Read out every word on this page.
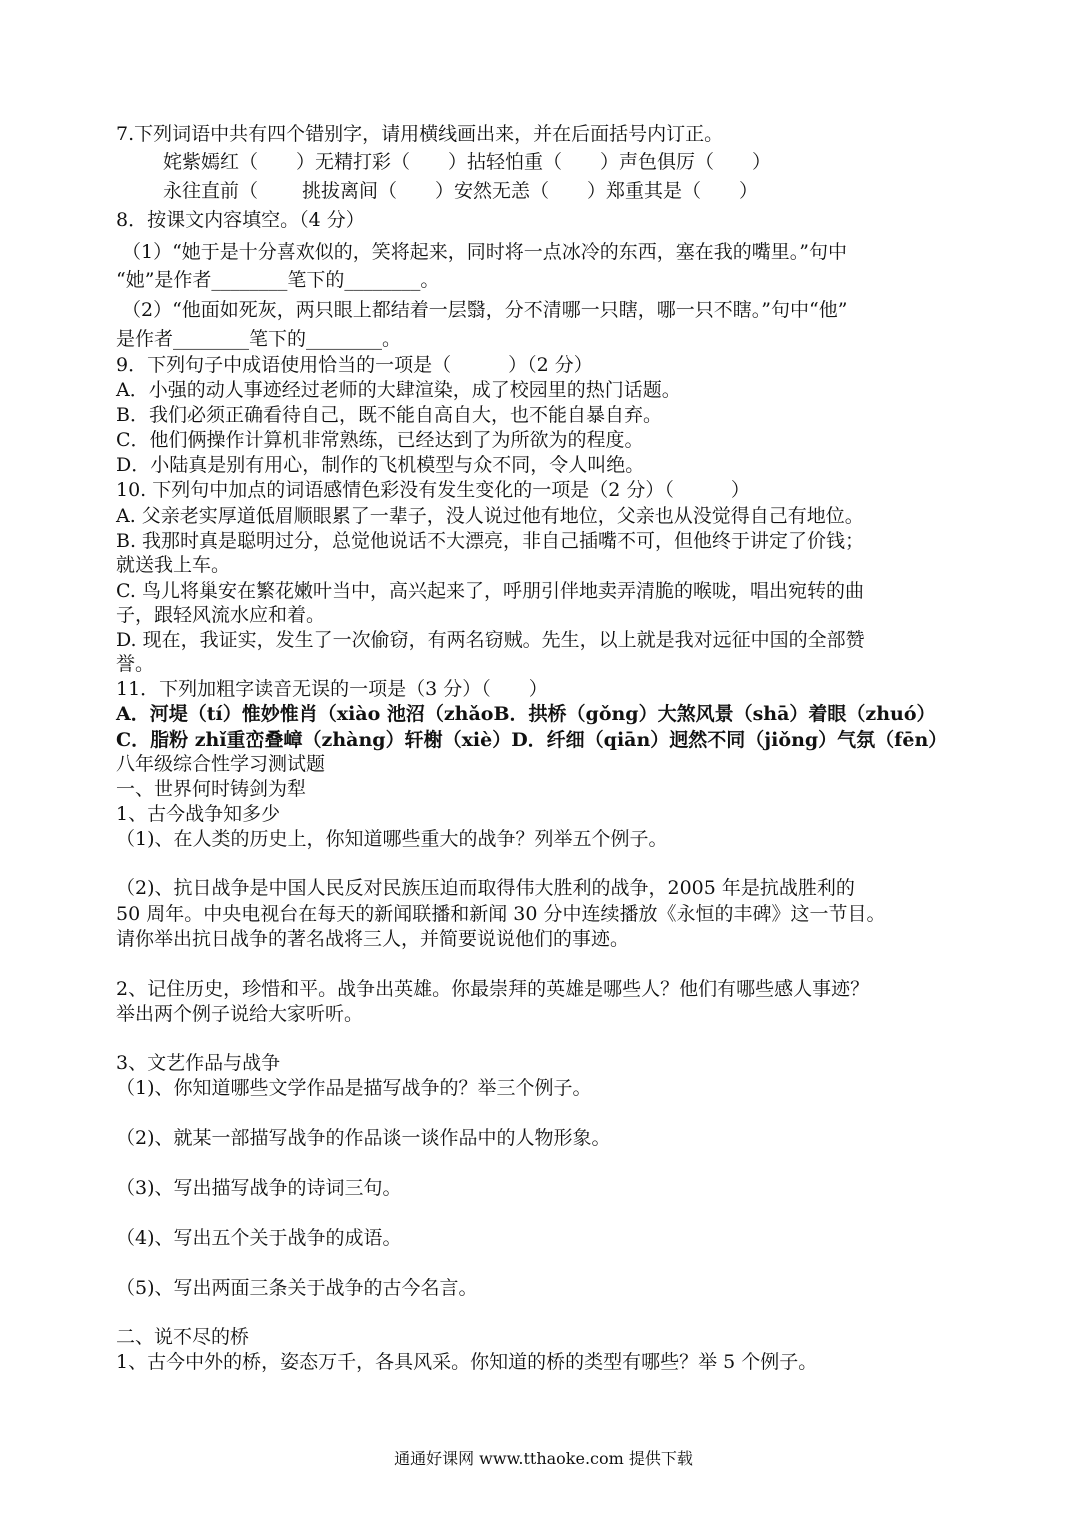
7.下列词语中共有四个错别字，请用横线画出来，并在后面括号内订正。
姹紫嫣红（　　）无精打彩（　　）拈轻怕重（　　）声色俱厉（　　）
永往直前（　　 挑拔离间（　　）安然无恙（　　）郑重其是（　　）
8．按课文内容填空。（4 分）
（1）“她于是十分喜欢似的，笑将起来，同时将一点冰冷的东西，塞在我的嘴里。”句中
“她”是作者________笔下的________。
（2）“他面如死灰，两只眼上都结着一层翳，分不清哪一只瞎，哪一只不瞎。”句中“他”
是作者________笔下的________。
9．下列句子中成语使用恰当的一项是（　　　）（2 分）
A．小强的动人事迹经过老师的大肆渲染，成了校园里的热门话题。
B．我们必须正确看待自己，既不能自高自大，也不能自暴自弃。
C．他们俩操作计算机非常熟练，已经达到了为所欲为的程度。
D．小陆真是别有用心，制作的飞机模型与众不同，令人叫绝。
10. 下列句中加点的词语感情色彩没有发生变化的一项是（2 分）（　　　）
A. 父亲老实厚道低眉顺眼累了一辈子，没人说过他有地位，父亲也从没觉得自己有地位。
B. 我那时真是聪明过分，总觉他说话不大漂亮，非自己插嘴不可，但他终于讲定了价钱；
就送我上车。
C. 鸟儿将巢安在繁花嫩叶当中，高兴起来了，呼朋引伴地卖弄清脆的喉咙，唱出宛转的曲
子，跟轻风流水应和着。
D. 现在，我证实，发生了一次偷窃，有两名窃贼。先生，以上就是我对远征中国的全部赞
誉。
11．下列加粗字读音无误的一项是（3 分）（　　）
A．河堤（tí）惟妙惟肖（xiào 池沼（zhǎoB．拱桥（gǒng）大煞风景（shā）着眼（zhuó）
C．脂粉 zhǐ重峦叠嶂（zhàng）轩榭（xiè）D．纤细（qiān）迥然不同（jiǒng）气氛（fēn）
八年级综合性学习测试题
一、世界何时铸剑为犁
1、古今战争知多少
（1)、在人类的历史上，你知道哪些重大的战争？列举五个例子。
（2)、抗日战争是中国人民反对民族压迫而取得伟大胜利的战争，2005 年是抗战胜利的
50 周年。中央电视台在每天的新闻联播和新闻 30 分中连续播放《永恒的丰碑》这一节目。
请你举出抗日战争的著名战将三人，并简要说说他们的事迹。
2、记住历史，珍惜和平。战争出英雄。你最崇拜的英雄是哪些人？他们有哪些感人事迹？
举出两个例子说给大家听听。
3、文艺作品与战争
（1)、你知道哪些文学作品是描写战争的？举三个例子。
（2)、就某一部描写战争的作品谈一谈作品中的人物形象。
（3)、写出描写战争的诗词三句。
（4)、写出五个关于战争的成语。
（5)、写出两面三条关于战争的古今名言。
二、说不尽的桥
1、古今中外的桥，姿态万千，各具风采。你知道的桥的类型有哪些？举 5 个例子。
通通好课网 www.tthaoke.com 提供下载
